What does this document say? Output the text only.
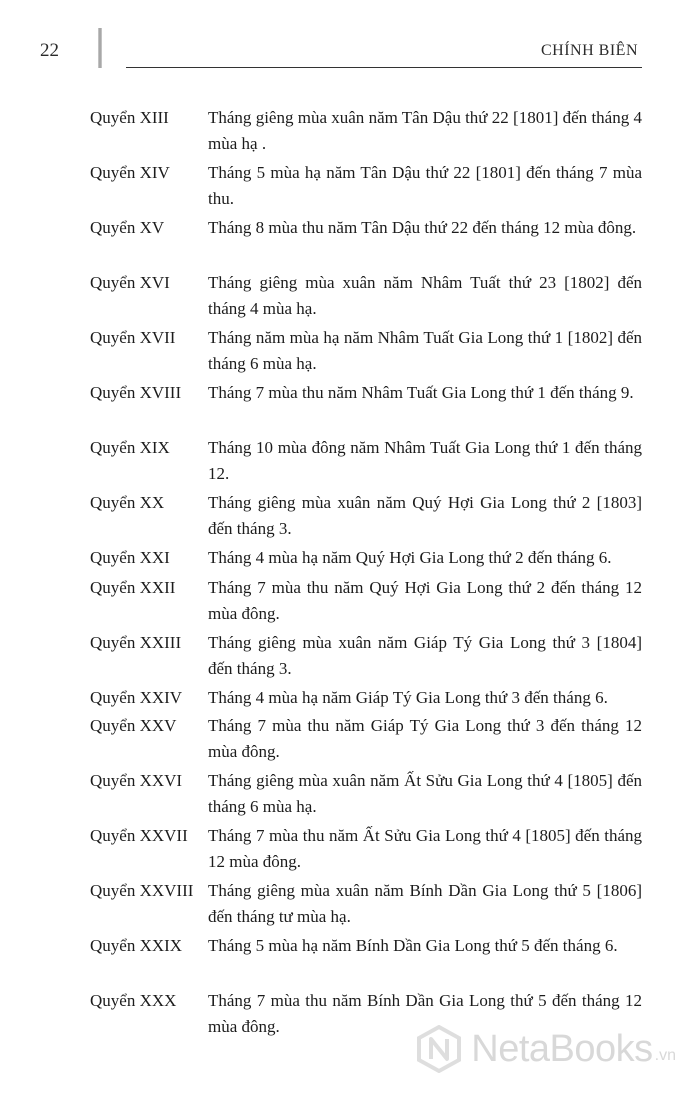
22	CHÍNH BIÊN
Quyển XIII Tháng giêng mùa xuân năm Tân Dậu thứ 22 [1801] đến tháng 4 mùa hạ .
Quyển XIV Tháng 5 mùa hạ năm Tân Dậu thứ 22 [1801] đến tháng 7 mùa thu.
Quyển XV	Tháng 8 mùa thu năm Tân Dậu thứ 22 đến tháng 12 mùa đông.
Quyển XVI Tháng giêng mùa xuân năm Nhâm Tuất thứ 23 [1802] đến tháng 4 mùa hạ.
Quyển XVII Tháng năm mùa hạ năm Nhâm Tuất Gia Long thứ 1 [1802] đến tháng 6 mùa hạ.
Quyển XVIII Tháng 7 mùa thu năm Nhâm Tuất Gia Long thứ 1 đến tháng 9.
Quyển XIX Tháng 10 mùa đông năm Nhâm Tuất Gia Long thứ 1 đến tháng 12.
Quyển XX	Tháng giêng mùa xuân năm Quý Hợi Gia Long thứ 2 [1803] đến tháng 3.
Quyển XXI Tháng 4 mùa hạ năm Quý Hợi Gia Long thứ 2 đến tháng 6.
Quyển XXII Tháng 7 mùa thu năm Quý Hợi Gia Long thứ 2 đến tháng 12 mùa đông.
Quyển XXIII Tháng giêng mùa xuân năm Giáp Tý Gia Long thứ 3 [1804] đến tháng 3.
Quyển XXIV Tháng 4 mùa hạ năm Giáp Tý Gia Long thứ 3 đến tháng 6.
Quyển XXV Tháng 7 mùa thu năm Giáp Tý Gia Long thứ 3 đến tháng 12 mùa đông.
Quyển XXVI Tháng giêng mùa xuân năm Ất Sửu Gia Long thứ 4 [1805] đến tháng 6 mùa hạ.
Quyển XXVII Tháng 7 mùa thu năm Ất Sửu Gia Long thứ 4 [1805] đến tháng 12 mùa đông.
Quyển XXVIII Tháng giêng mùa xuân năm Bính Dần Gia Long thứ 5 [1806] đến tháng tư mùa hạ.
Quyển XXIX Tháng 5 mùa hạ năm Bính Dần Gia Long thứ 5 đến tháng 6.
Quyển XXX Tháng 7 mùa thu năm Bính Dần Gia Long thứ 5 đến tháng 12 mùa đông.
NetaBooks .vn
